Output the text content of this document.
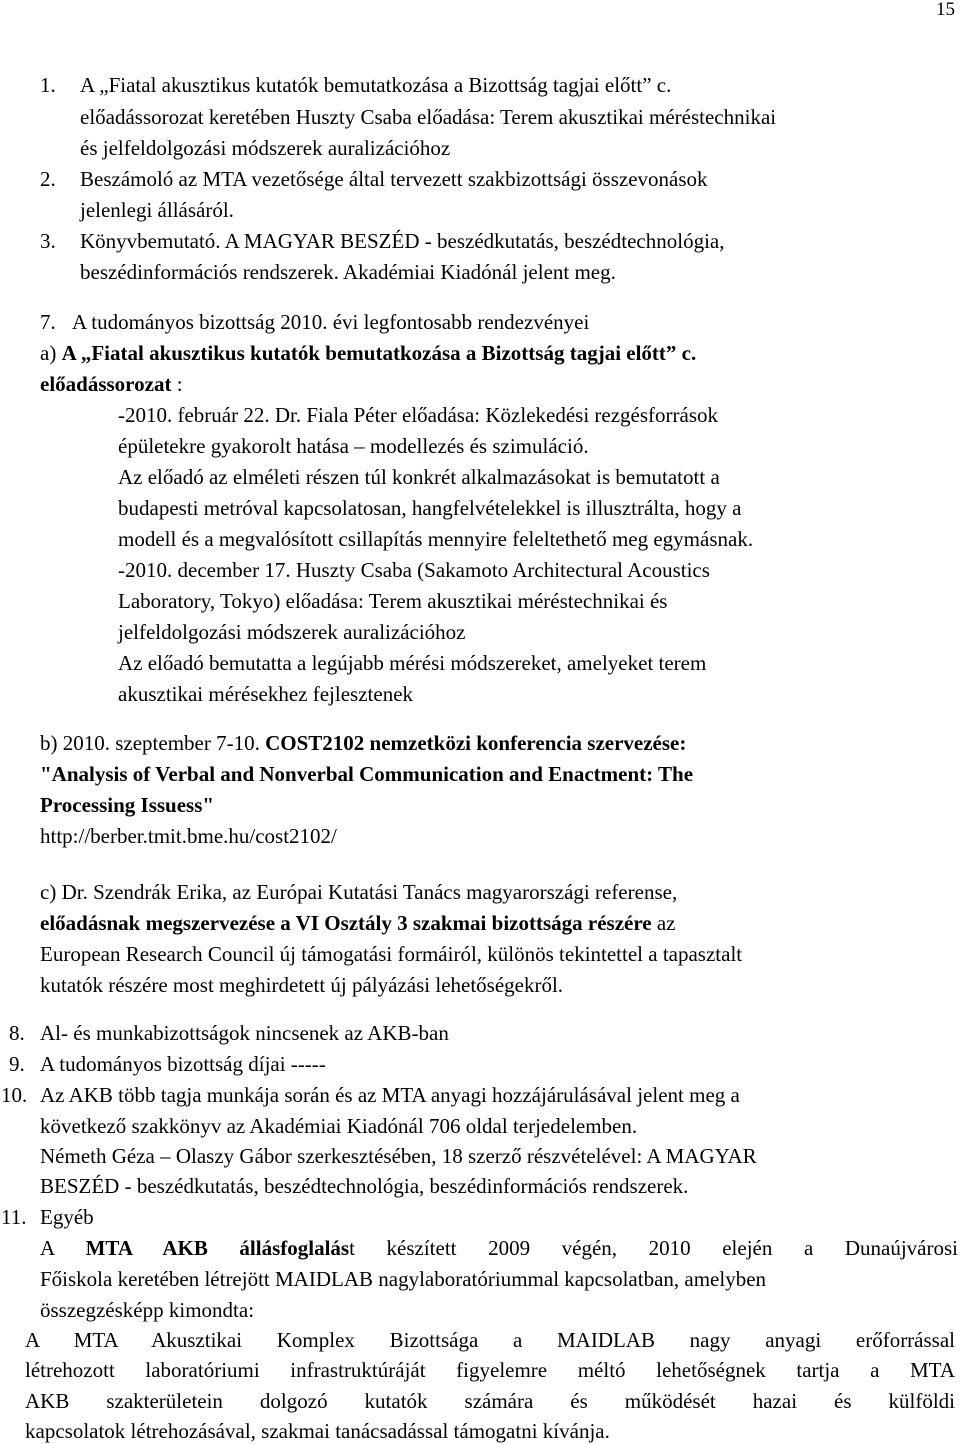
15
1. A „Fiatal akusztikus kutatók bemutatkozása a Bizottság tagjai előtt” c.
előadássorozat keretében Huszty Csaba előadása: Terem akusztikai méréstechnikai
és jelfeldolgozási módszerek auralizációhoz
2. Beszámoló az MTA vezetősége által tervezett szakbizottsági összevonások
jelenlegi állásáról.
3. Könyvbemutató. A MAGYAR BESZÉD - beszédkutatás, beszédtechnológia,
beszédinformációs rendszerek. Akadémiai Kiadónál jelent meg.
7. A tudományos bizottság 2010. évi legfontosabb rendezvényei
a) A „Fiatal akusztikus kutatók bemutatkozása a Bizottság tagjai előtt” c.
előadássorozat :
-2010. február 22. Dr. Fiala Péter előadása: Közlekedési rezgésforrások
épületekre gyakorolt hatása – modellezés és szimuláció.
Az előadó az elméleti részen túl konkrét alkalmazásokat is bemutatott a
budapesti metróval kapcsolatosan, hangfelvételekkel is illusztrálta, hogy a
modell és a megvalósított csillapítás mennyire feleltethető meg egymásnak.
-2010. december 17. Huszty Csaba (Sakamoto Architectural Acoustics
Laboratory, Tokyo) előadása: Terem akusztikai méréstechnikai és
jelfeldolgozási módszerek auralizációhoz
Az előadó bemutatta a legújabb mérési módszereket, amelyeket terem
akusztikai mérésekhez fejlesztenek
b) 2010. szeptember 7-10. COST2102 nemzetközi konferencia szervezése:
"Analysis of Verbal and Nonverbal Communication and Enactment: The
Processing Issuess"
http://berber.tmit.bme.hu/cost2102/
c) Dr. Szendrák Erika, az Európai Kutatási Tanács magyarországi referense,
előadásnak megszervezése a VI Osztály 3 szakmai bizottsága részére az
European Research Council új támogatási formáiról, különös tekintettel a tapasztalt
kutatók részére most meghirdetett új pályázási lehetőségekről.
8. Al- és munkabizottságok nincsenek az AKB-ban
9. A tudományos bizottság díjai -----
10. Az AKB több tagja munkája során és az MTA anyagi hozzájárulásával jelent meg a
következő szakkönyv az Akadémiai Kiadónál 706 oldal terjedelemben.
Németh Géza – Olaszy Gábor szerkesztésében, 18 szerző részvételével: A MAGYAR
BESZÉD - beszédkutatás, beszédtechnológia, beszédinformációs rendszerek.
11. Egyéb
A MTA AKB állásfoglalást készített 2009 végén, 2010 elején a Dunaújvárosi
Főiskola keretében létrejött MAIDLAB nagylaboratóriummal kapcsolatban, amelyben
összegzésképp kimondta:
A MTA Akusztikai Komplex Bizottsága a MAIDLAB nagy anyagi erőforrással
létrehozott laboratóriumi infrastruktúráját figyelemre méltó lehetőségnek tartja a MTA
AKB szakterületein dolgozó kutatók számára és működését hazai és külföldi
kapcsolatok létrehozásával, szakmai tanácsadással támogatni kívánja.
